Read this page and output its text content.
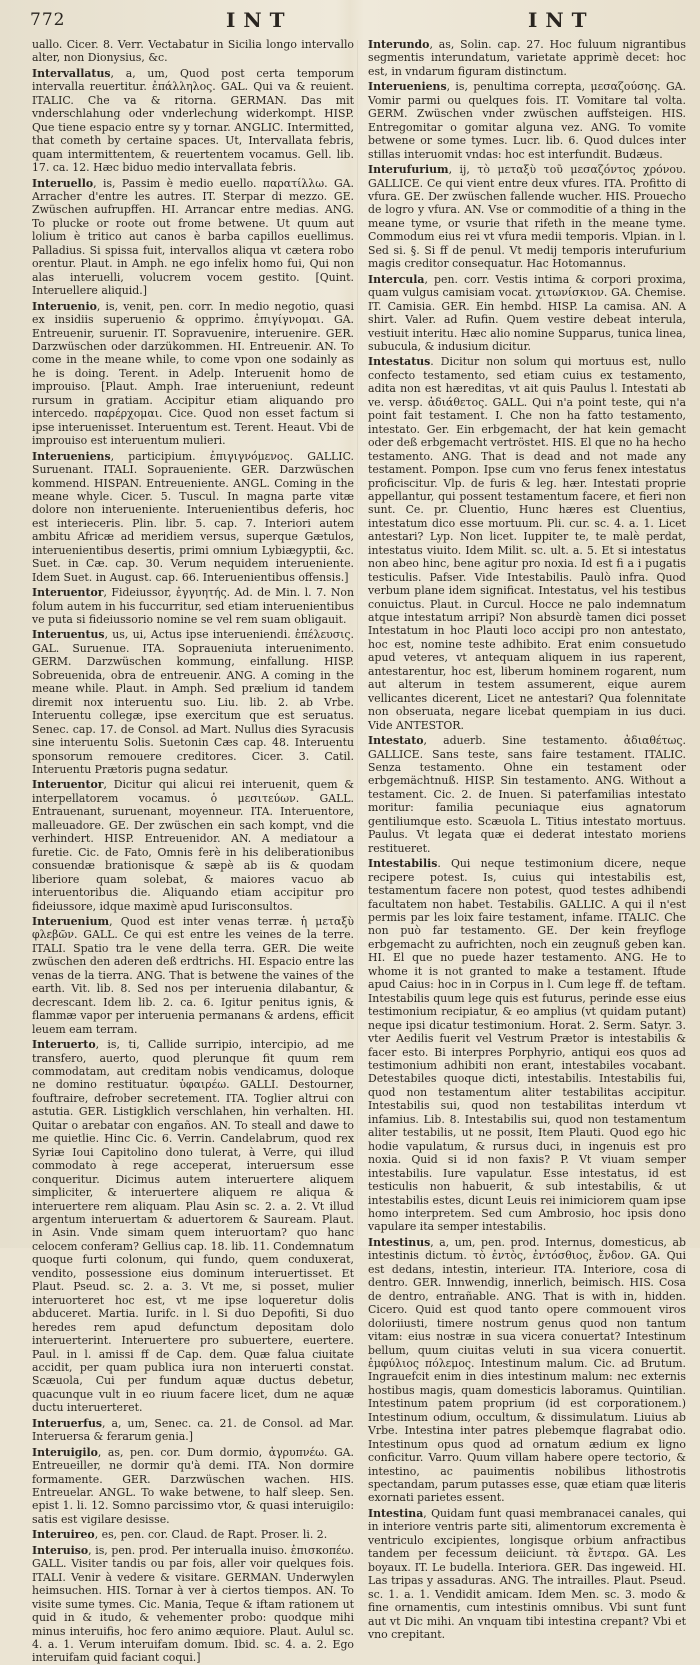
772	INT	INT

uallo. Cicer. 8. Verr. Vectabatur in Sicilia longo intervallo alter, non Dionysius, &c.

Intervallatus, a, um, Quod post certa temporum intervalla reuertitur. ἐπάλληλος. GAL. Qui va & reuient. ITALIC. Che va & ritorna. GERMAN. Das mit vnderschlahung oder vnderlechung widerkompt. HISP. Que tiene espacio entre sy y tornar. ANGLIC. Intermitted, that cometh by certaine spaces. Ut, Intervallata febris, quam intermittentem, & reuertentem vocamus. Gell. lib. 17. ca. 12. Hæc biduo medio intervallata febris.

Interuello, is, Passim è medio euello. παρατίλλω. GA. Arracher d'entre les autres. IT. Sterpar di mezzo. GE. Zwüschen aufrupffen. HI. Arrancar entre medias. ANG. To plucke or roote out frome betwene. Ut quum aut lolium è tritico aut canos è barba capillos euellimus. Palladius. Si spissa fuit, intervallos aliqua vt cætera robo orentur. Plaut. in Amph. ne ego infelix homo fui, Qui non alas interuelli, volucrem vocem gestito. [Quint. Interuellere aliquid.]

Interuenio, is, venit, pen. corr. In medio negotio, quasi ex insidiis superuenio & opprimo. ἐπιγίγνομαι. GA. Entreuenir, suruenir. IT. Sopravuenire, interuenire. GER. Darzwüschen oder darzükommen. HI. Entreuenir. AN. To come in the meane while, to come vpon one sodainly as he is doing. Terent. in Adelp. Interuenit homo de improuiso. [Plaut. Amph. Irae interueniunt, redeunt rursum in gratiam. Accipitur etiam aliquando pro intercedo. παρέρχομαι. Cice. Quod non esset factum si ipse interuenisset. Interuentum est. Terent. Heaut. Vbi de improuiso est interuentum mulieri.

Interueniens, participium. ἐπιγιγνόμενος. GALLIC. Suruenant. ITALI. Sopraueniente. GER. Darzwüschen kommend. HISPAN. Entreueniente. ANGL. Coming in the meane whyle. Cicer. 5. Tuscul. In magna parte vitæ dolore non interueniente. Interuenientibus deferis, hoc est interieceris. Plin. libr. 5. cap. 7. Interiori autem ambitu Africæ ad meridiem versus, superque Gætulos, interuenientibus desertis, primi omnium Lybiægyptii, &c. Suet. in Cæ. cap. 30. Verum nequidem interueniente. Idem Suet. in August. cap. 66. Interuenientibus offensis.]

Interuentor, Fideiussor, ἐγγυητής. Ad. de Min. l. 7. Non folum autem in his fuccurritur, sed etiam interuenientibus ve puta si fideiussorio nomine se vel rem suam obligauit.

Interuentus, us, ui, Actus ipse interueniendi. ἐπέλευσις. GAL. Suruenue. ITA. Sopraueniuta interuenimento. GERM. Darzwüschen kommung, einfallung. HISP. Sobreuenida, obra de entreuenir. ANG. A coming in the meane while. Plaut. in Amph. Sed prælium id tandem diremit nox interuentu suo. Liu. lib. 2. ab Vrbe. Interuentu collegæ, ipse exercitum que est seruatus. Senec. cap. 17. de Consol. ad Mart. Nullus dies Syracusis sine interuentu Solis. Suetonin Cæs cap. 48. Interuentu sponsorum remouere creditores. Cicer. 3. Catil. Interuentu Prætoris pugna sedatur.

Interuentor, Dicitur qui alicui rei interuenit, quem & interpellatorem vocamus. ὁ μεσιτεύων. GALL. Entrauenant, suruenant, moyenneur. ITA. Interuentore, malleuadore. GE. Der zwüschen ein sach kompt, vnd die verhindert. HISP. Entreuenidor. AN. A mediatour a furetie. Cic. de Fato, Omnis ferè in his deliberationibus consuendæ brationisque & sæpè ab iis & quodam liberiore quam solebat, & maiores vacuo ab interuentoribus die. Aliquando etiam accipitur pro fideiussore, idque maximè apud Iurisconsultos.

Interuenium, Quod est inter venas terræ. ἡ μεταξὺ φλεβῶν. GALL. Ce qui est entre les veines de la terre. ITALI. Spatio tra le vene della terra. GER. Die weite zwüschen den aderen deß erdtrichs. HI. Espacio entre las venas de la tierra. ANG. That is betwene the vaines of the earth. Vit. lib. 8. Sed nos per interuenia dilabantur, & decrescant. Idem lib. 2. ca. 6. Igitur penitus ignis, & flammæ vapor per interuenia permanans & ardens, efficit leuem eam terram.

Interuerto, is, ti, Callide surripio, intercipio, ad me transfero, auerto, quod plerunque fit quum rem commodatam, aut creditam nobis vendicamus, doloque ne domino restituatur. ὑφαιρέω. GALLI. Destourner, fouftraire, defrober secretement. ITA. Toglier altrui con astutia. GER. Listigklich verschlahen, hin verhalten. HI. Quitar o arebatar con engaños. AN. To steall and dawe to me quietlie. Hinc Cic. 6. Verrin. Candelabrum, quod rex Syriæ Ioui Capitolino dono tulerat, à Verre, qui illud commodato à rege acceperat, interuersum esse conqueritur. Dicimus autem interuertere aliquem simpliciter, & interuertere aliquem re aliqua & interuertere rem aliquam. Plau Asin sc. 2. a. 2. Vt illud argentum interuertam & aduertorem & Sauream. Plaut. in Asin. Vnde simam quem interuortam? quo hanc celocem conferam? Gellius cap. 18. lib. 11. Condemnatum quoque furti colonum, qui fundo, quem conduxerat, vendito, possessione eius dominum interuertisset. Et Plaut. Pseud. sc. 2. a. 3. Vt me, si posset, mulier interuorteret hoc est, vt me ipse loqueretur dolis abduceret. Martia. Iurifc. in l. Si duo Depofiti, Si duo heredes rem apud defunctum depositam dolo interuerterint. Interuertere pro subuertere, euertere. Paul. in l. amissi ff de Cap. dem. Quæ falua ciuitate accidit, per quam publica iura non interuerti constat. Scæuola, Cui per fundum aquæ ductus debetur, quacunque vult in eo riuum facere licet, dum ne aquæ ductu interuerteret.

Interuerfus, a, um, Senec. ca. 21. de Consol. ad Mar. Interuersa & ferarum genia.]

Interuigilo, as, pen. cor. Dum dormio, ἀγρυπνέω. GA. Entreueiller, ne dormir qu'à demi. ITA. Non dormire formamente. GER. Darzwüschen wachen. HIS. Entreuelar. ANGL. To wake betwene, to half sleep. Sen. epist 1. li. 12. Somno parcissimo vtor, & quasi interuigilo: satis est vigilare desisse.

Interuireo, es, pen. cor. Claud. de Rapt. Proser. li. 2.

Interuiso, is, pen. prod. Per interualla inuiso. ἐπισκοπέω. GALL. Visiter tandis ou par fois, aller voir quelques fois. ITALI. Venir à vedere & visitare. GERMAN. Underwylen heimsuchen. HIS. Tornar à ver à ciertos tiempos. AN. To visite sume tymes. Cic. Mania, Teque & iftam rationem ut quid in & itudo, & vehementer probo: quodque mihi minus interuifis, hoc fero animo æquiore. Plaut. Aulul sc. 4. a. 1. Verum interuifam domum. Ibid. sc. 4. a. 2. Ego interuifam quid faciant coqui.]

Interundo, as, Solin. cap. 27. Hoc fuluum nigrantibus segmentis interundatum, varietate apprimè decet: hoc est, in vndarum figuram distinctum.

Interueniens, is, penultima correpta, μεσαζούσης. GA. Vomir parmi ou quelques fois. IT. Vomitare tal volta. GERM. Zwüschen vnder zwüschen auffsteigen. HIS. Entregomitar o gomitar alguna vez. ANG. To vomite betwene or some tymes. Lucr. lib. 6. Quod dulces inter stillas interuomit vndas: hoc est interfundit. Budæus.

Interufurium, ij, τὸ μεταξὺ τοῦ μεσαζόντος χρόνου. GALLICE. Ce qui vient entre deux vfures. ITA. Profitto di vfura. GE. Der zwüschen fallende wucher. HIS. Prouecho de logro y vfura. AN. Vse or commoditie of a thing in the meane tyme, or vsurie that rifeth in the meane tyme. Commodum eius rei vt vfura medii temporis. Vlpian. in l. Sed si. §. Si ff de penul. Vt medij temporis interufurium magis creditor consequatur. Hac Hotomannus.

Intercula, pen. corr. Vestis intima & corpori proxima, quam vulgus camisiam vocat. χιτωνίσκιον. GA. Chemise. IT. Camisia. GER. Ein hembd. HISP. La camisa. AN. A shirt. Valer. ad Rufin. Quem vestire debeat interula, vestiuit interitu. Hæc alio nomine Supparus, tunica linea, subucula, & indusium dicitur.

Intestatus. Dicitur non solum qui mortuus est, nullo confecto testamento, sed etiam cuius ex testamento, adita non est hæreditas, vt ait quis Paulus l. Intestati ab ve. versp. ἀδιάθετος. GALL. Qui n'a point teste, qui n'a point fait testament. I. Che non ha fatto testamento, intestato. Ger. Ein erbgemacht, der hat kein gemacht oder deß erbgemacht vertröstet. HIS. El que no ha hecho testamento. ANG. That is dead and not made any testament. Pompon. Ipse cum vno ferus fenex intestatus proficiscitur. Vlp. de furis & leg. hær. Intestati proprie appellantur, qui possent testamentum facere, et fieri non sunt. Ce. pr. Cluentio, Hunc hæres est Cluentius, intestatum dico esse mortuum. Pli. cur. sc. 4. a. 1. Licet antestari? Lyp. Non licet. Iuppiter te, te malè perdat, intestatus viuito. Idem Milit. sc. ult. a. 5. Et si intestatus non abeo hinc, bene agitur pro noxia. Id est fi a i pugatis testiculis. Pafser. Vide Intestabilis. Paulò infra. Quod verbum plane idem significat. Intestatus, vel his testibus conuictus. Plaut. in Curcul. Hocce ne palo indemnatum atque intestatum arripi? Non absurdè tamen dici posset Intestatum in hoc Plauti loco accipi pro non antestato, hoc est, nomine teste adhibito. Erat enim consuetudo apud veteres, vt antequam aliquem in ius raperent, antestarentur, hoc est, liberum hominem rogarent, num aut alterum in testem assumerent, eique aurem vellicantes dicerent, Licet ne antestari? Qua folennitate non obseruata, negare licebat quempiam in ius duci. Vide ANTESTOR.

Intestato, aduerb. Sine testamento. ἀδιαθέτως. GALLICE. Sans teste, sans faire testament. ITALIC. Senza testamento. Ohne ein testament oder erbgemächtnuß. HISP. Sin testamento. ANG. Without a testament. Cic. 2. de Inuen. Si paterfamilias intestato moritur: familia pecuniaque eius agnatorum gentiliumque esto. Scæuola L. Titius intestato mortuus. Paulus. Vt legata quæ ei dederat intestato moriens restitueret.

Intestabilis. Qui neque testimonium dicere, neque recipere potest. Is, cuius qui intestabilis est, testamentum facere non potest, quod testes adhibendi facultatem non habet. Testabilis. GALLIC. A qui il n'est permis par les loix faire testament, infame. ITALIC. Che non può far testamento. GE. Der kein freyfloge erbgemacht zu aufrichten, noch ein zeugnuß geben kan. HI. El que no puede hazer testamento. ANG. He to whome it is not granted to make a testament. Iftude apud Caius: hoc in in Corpus in l. Cum lege ff. de teftam. Intestabilis quum lege quis est futurus, perinde esse eius testimonium recipiatur, & eo amplius (vt quidam putant) neque ipsi dicatur testimonium. Horat. 2. Serm. Satyr. 3. vter Aedilis fuerit vel Vestrum Prætor is intestabilis & facer esto. Bi interpres Porphyrio, antiqui eos quos ad testimonium adhibiti non erant, intestabiles vocabant. Detestabiles quoque dicti, intestabilis. Intestabilis fui, quod non testamentum aliter testabilitas accipitur. Intestabilis sui, quod non testabilitas interdum vt infamius. Lib. 8. Intestabilis sui, quod non testamentum aliter testabilis, ut ne possit, Item Plauti. Quod ego hic hodie vapulatum, & rursus duci, in ingenuis est pro noxia. Quid si id non faxis? P. Vt viuam semper intestabilis. Iure vapulatur. Esse intestatus, id est testiculis non habuerit, & sub intestabilis, & ut intestabilis estes, dicunt Leuis rei inimiciorem quam ipse homo interpretem. Sed cum Ambrosio, hoc ipsis dono vapulare ita semper intestabilis.

Intestinus, a, um, pen. prod. Internus, domesticus, ab intestinis dictum. τὸ ἐντὸς, ἐντόσθιος, ἔνδον. GA. Qui est dedans, intestin, interieur. ITA. Interiore, cosa di dentro. GER. Innwendig, innerlich, beimisch. HIS. Cosa de dentro, entrañable. ANG. That is with in, hidden. Cicero. Quid est quod tanto opere commouent viros doloriiusti, timere nostrum genus quod non tantum vitam: eius nostræ in sua vicera conuertat? Intestinum bellum, quum ciuitas veluti in sua vicera conuertit. ἐμφύλιος πόλεμος. Intestinum malum. Cic. ad Brutum. Ingrauefcit enim in dies intestinum malum: nec externis hostibus magis, quam domesticis laboramus. Quintilian. Intestinum patem proprium (id est corporationem.) Intestinum odium, occultum, & dissimulatum. Liuius ab Vrbe. Intestina inter patres plebemque flagrabat odio. Intestinum opus quod ad ornatum ædium ex ligno conficitur. Varro. Quum villam habere opere tectorio, & intestino, ac pauimentis nobilibus lithostrotis spectandam, parum putasses esse, quæ etiam quæ literis exornati parietes essent.

Intestina, Quidam funt quasi membranacei canales, qui in interiore ventris parte siti, alimentorum excrementa è ventriculo excipientes, longisque orbium anfractibus tandem per fecessum deiiciunt. τὰ ἔντερα. GA. Les boyaux. IT. Le budella. Interiora. GER. Das ingeweid. HI. Las tripas y assaduras. ANG. The intrailles. Plaut. Pseud. sc. 1. a. 1. Vendidit amicam. Idem Men. sc. 3. modo & fine ornamentis, cum intestinis omnibus. Vbi sunt funt aut vt Dic mihi. An vnquam tibi intestina crepant? Vbi et vno crepitant.
